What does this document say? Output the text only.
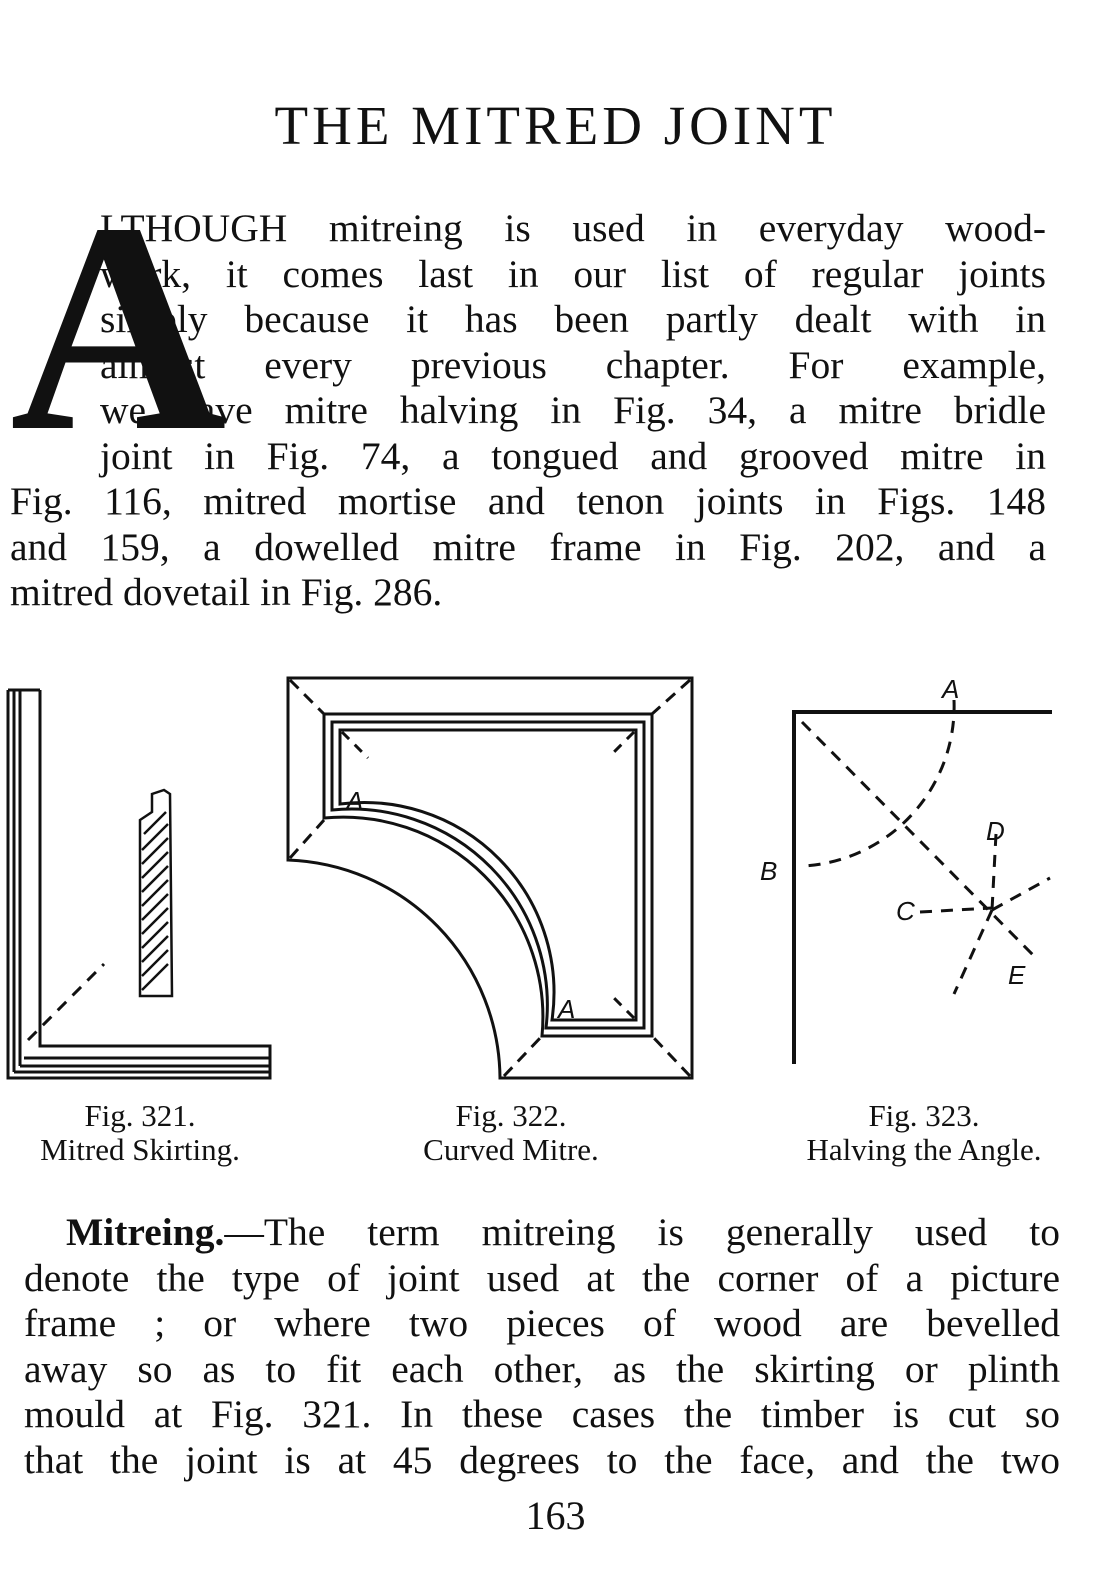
THE MITRED JOINT
A
LTHOUGH mitreing is used in everyday wood-
work, it comes last in our list of regular joints
simply because it has been partly dealt with in
almost every previous chapter. For example,
we have mitre halving in Fig. 34, a mitre bridle
joint in Fig. 74, a tongued and grooved mitre in
Fig. 116, mitred mortise and tenon joints in Figs. 148
and 159, a dowelled mitre frame in Fig. 202, and a
mitred dovetail in Fig. 286.
A
A
A
B
C
D
E
Fig. 321.
Mitred Skirting.
Fig. 322.
Curved Mitre.
Fig. 323.
Halving the Angle.
Mitreing.—The term mitreing is generally used to
denote the type of joint used at the corner of a picture
frame ; or where two pieces of wood are bevelled
away so as to fit each other, as the skirting or plinth
mould at Fig. 321. In these cases the timber is cut so
that the joint is at 45 degrees to the face, and the two
163
